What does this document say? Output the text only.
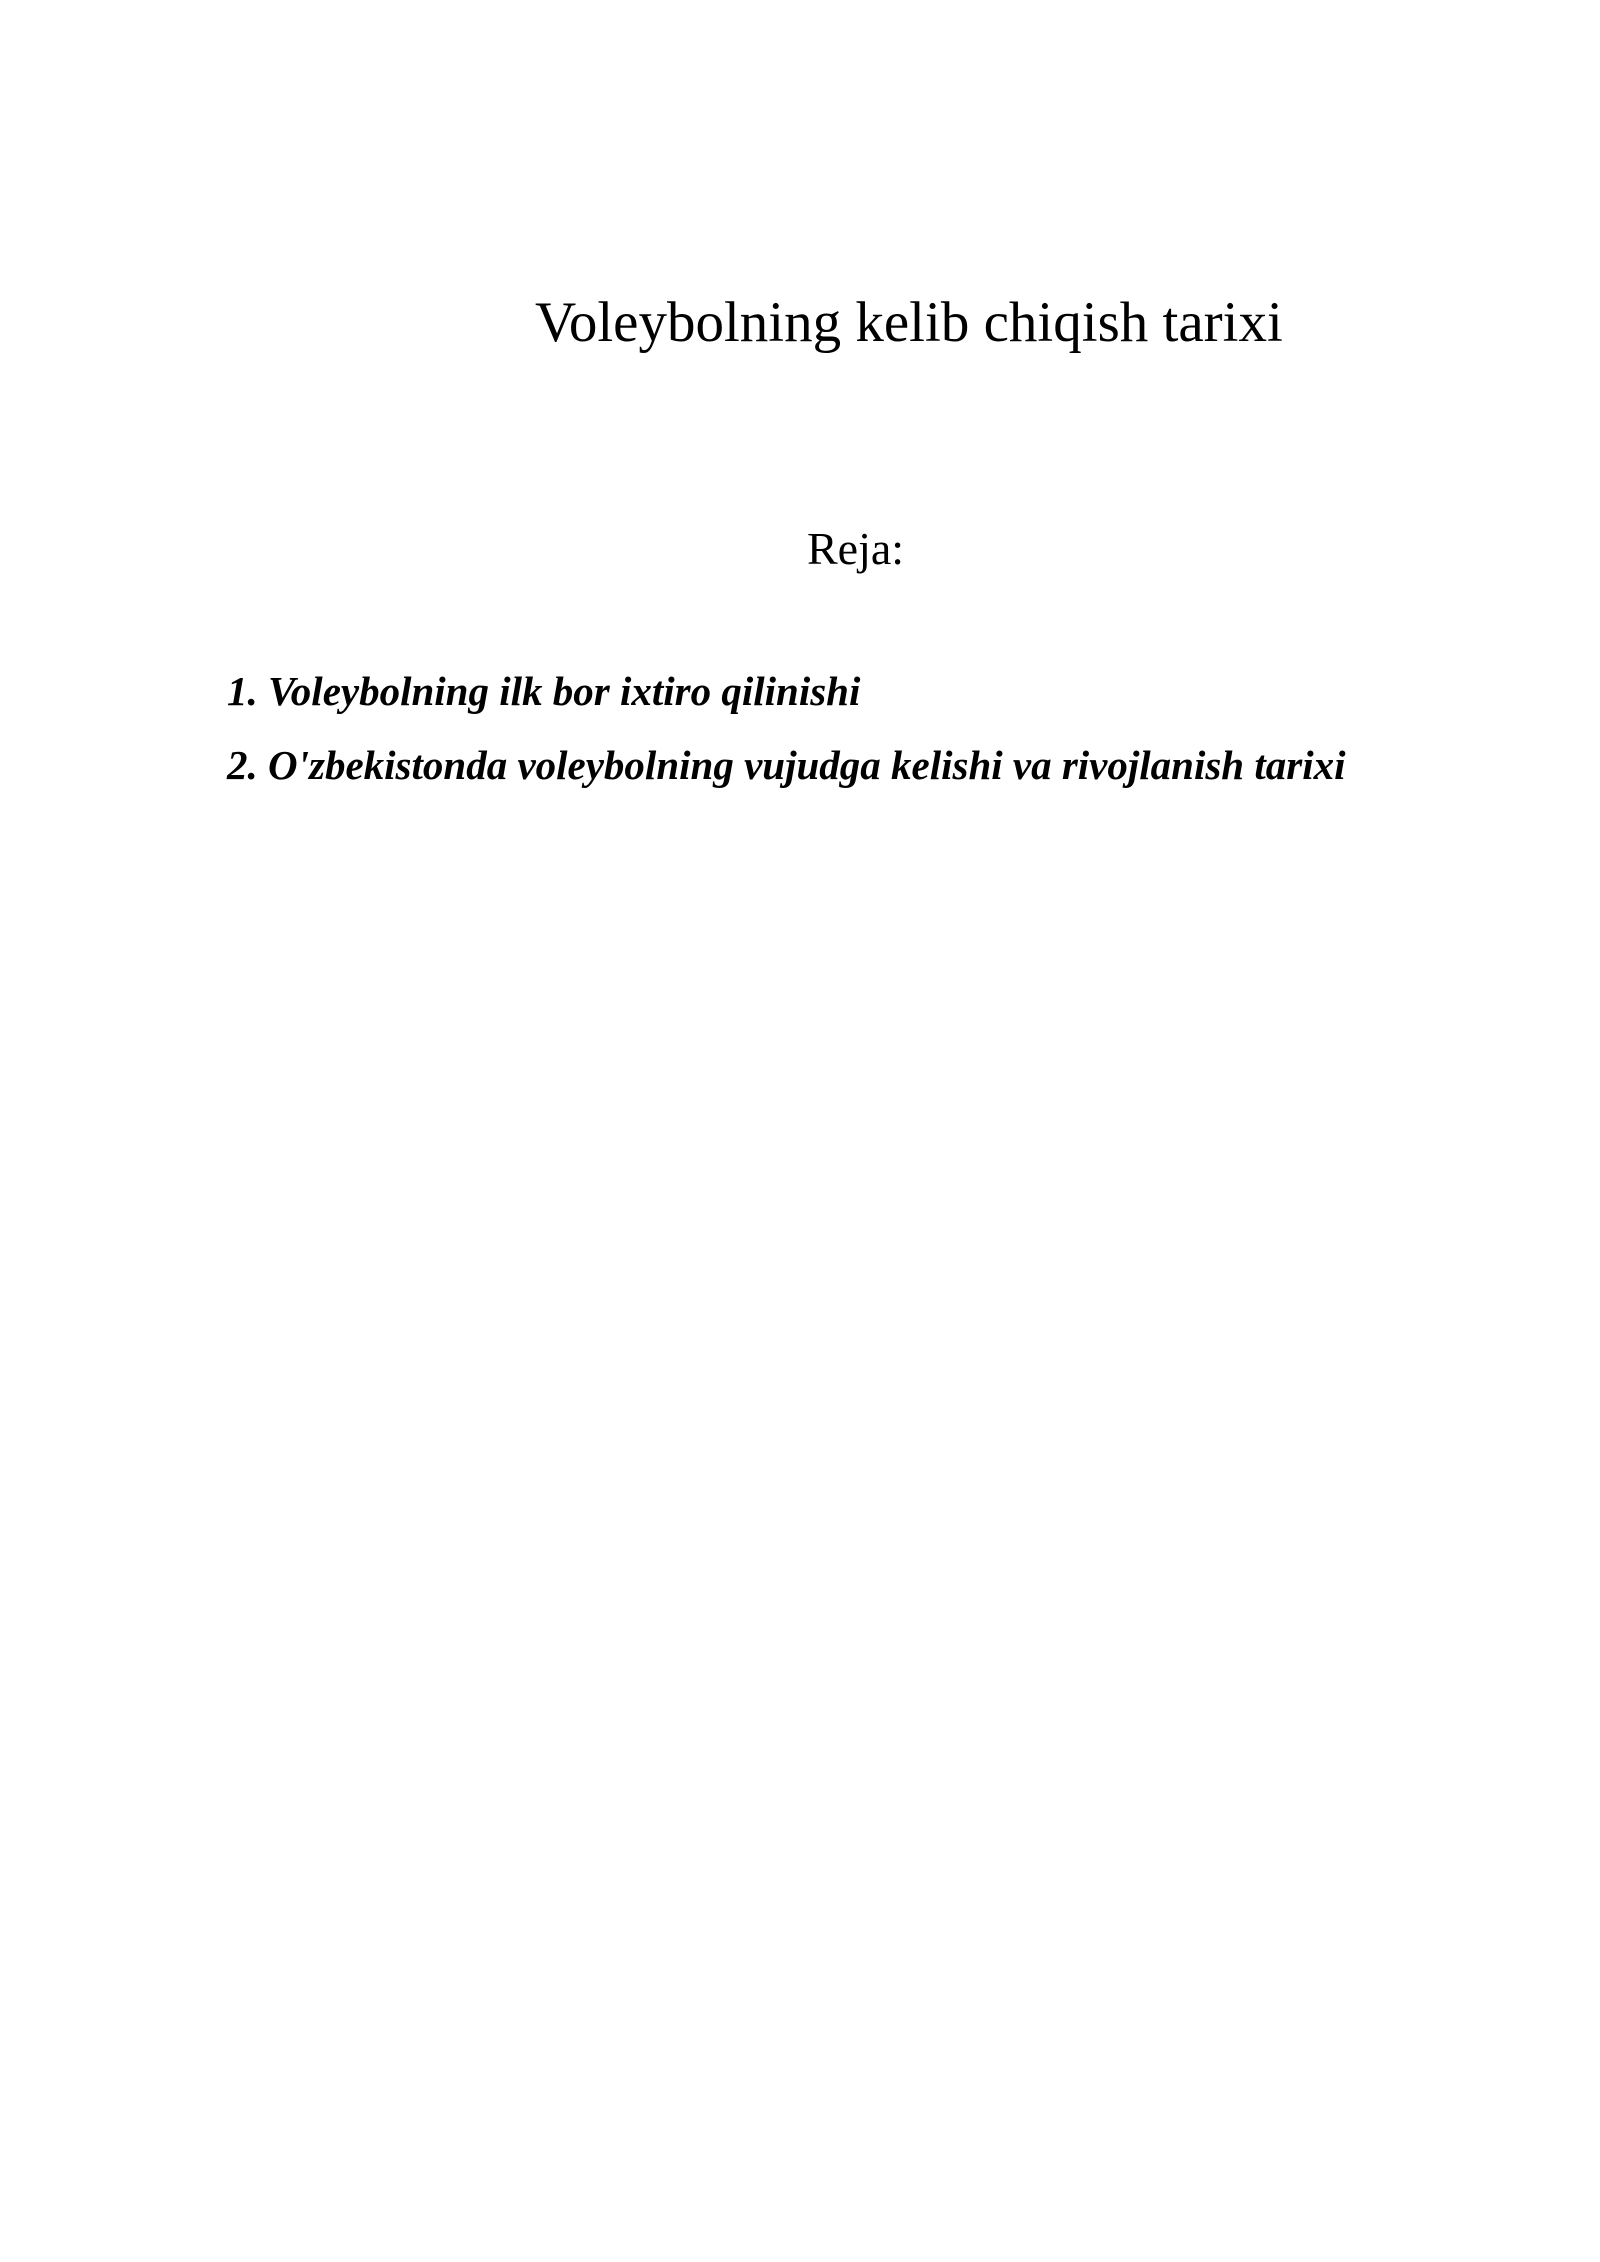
Voleybolning kelib chiqish tarixi
Reja:
1. Voleybolning ilk bor ixtiro qilinishi
2. O'zbekistonda voleybolning vujudga kelishi va rivojlanish tarixi
